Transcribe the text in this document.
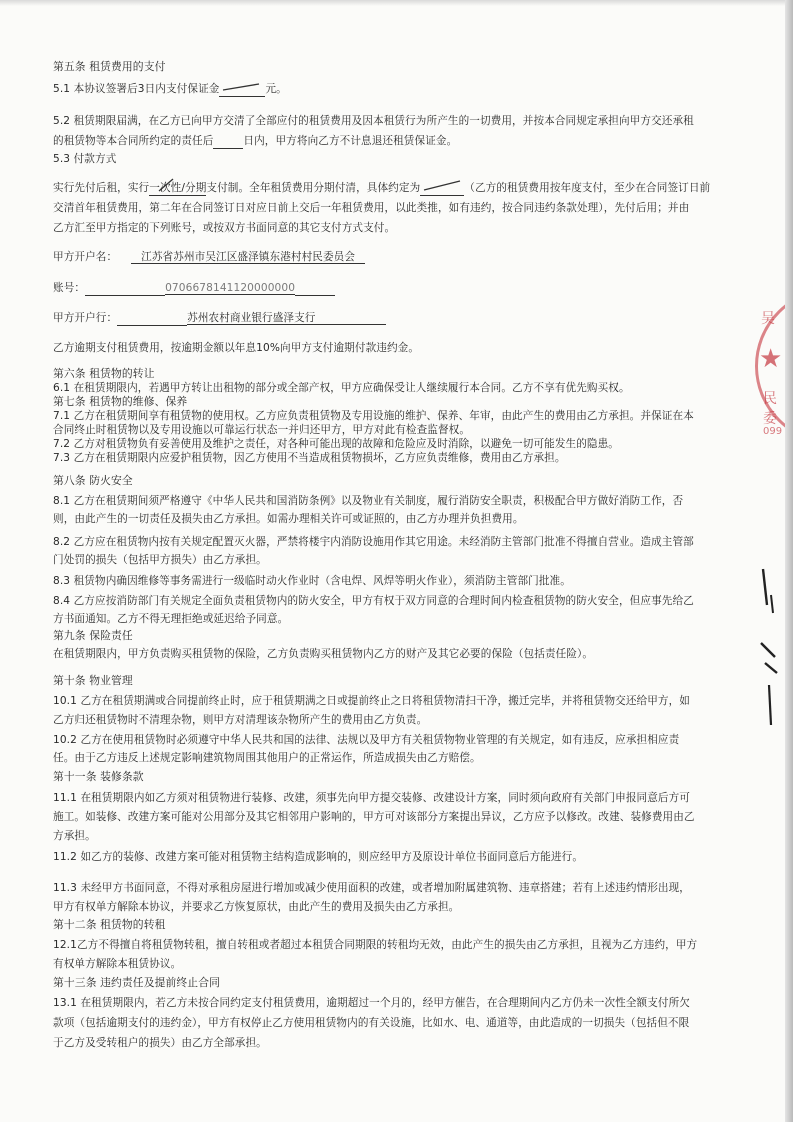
第五条 租赁费用的支付
5.1 本协议签署后3日内支付保证金	元。
5.2 租赁期限届满，在乙方已向甲方交清了全部应付的租赁费用及因本租赁行为所产生的一切费用，并按本合同规定承担向甲方交还承租
的租赁物等本合同所约定的责任后	日内，甲方将向乙方不计息退还租赁保证金。
5.3 付款方式
实行先付后租，实行一次性/分期
支付制。全年租赁费用分期付清，具体约定为	（乙方的租赁费用按年度支付，至少在合同签订日前
交清首年租赁费用，第二年在合同签订日对应日前上交后一年租赁费用，以此类推，如有违约，按合同违约条款处理），先付后用；并由
乙方汇至甲方指定的下列账号，或按双方书面同意的其它支付方式支付。
甲方开户名： 江苏省苏州市吴江区盛泽镇东港村村民委员会
账号：	0706678141120000000
甲方开户行：	苏州农村商业银行盛泽支行
乙方逾期支付租赁费用，按逾期金额以年息10%向甲方支付逾期付款违约金。
第六条 租赁物的转让
6.1 在租赁期限内，若遇甲方转让出租物的部分或全部产权，甲方应确保受让人继续履行本合同。乙方不享有优先购买权。
第七条 租赁物的维修、保养
7.1 乙方在租赁期间享有租赁物的使用权。乙方应负责租赁物及专用设施的维护、保养、年审，由此产生的费用由乙方承担。并保证在本
合同终止时租赁物以及专用设施以可靠运行状态一并归还甲方，甲方对此有检查监督权。
7.2 乙方对租赁物负有妥善使用及维护之责任，对各种可能出现的故障和危险应及时消除，以避免一切可能发生的隐患。
7.3 乙方在租赁期限内应爱护租赁物，因乙方使用不当造成租赁物损坏，乙方应负责维修，费用由乙方承担。
第八条 防火安全
8.1 乙方在租赁期间须严格遵守《中华人民共和国消防条例》以及物业有关制度，履行消防安全职责，积极配合甲方做好消防工作，否
则，由此产生的一切责任及损失由乙方承担。如需办理相关许可或证照的，由乙方办理并负担费用。
8.2 乙方应在租赁物内按有关规定配置灭火器，严禁将楼宇内消防设施用作其它用途。未经消防主管部门批准不得擅自营业。造成主管部
门处罚的损失（包括甲方损失）由乙方承担。
8.3 租赁物内确因维修等事务需进行一级临时动火作业时（含电焊、风焊等明火作业），须消防主管部门批准。
8.4 乙方应按消防部门有关规定全面负责租赁物内的防火安全，甲方有权于双方同意的合理时间内检查租赁物的防火安全，但应事先给乙
方书面通知。乙方不得无理拒绝或延迟给予同意。
第九条 保险责任
在租赁期限内，甲方负责购买租赁物的保险，乙方负责购买租赁物内乙方的财产及其它必要的保险（包括责任险）。
第十条 物业管理
10.1 乙方在租赁期满或合同提前终止时，应于租赁期满之日或提前终止之日将租赁物清扫干净，搬迁完毕，并将租赁物交还给甲方，如
乙方归还租赁物时不清理杂物，则甲方对清理该杂物所产生的费用由乙方负责。
10.2 乙方在使用租赁物时必须遵守中华人民共和国的法律、法规以及甲方有关租赁物物业管理的有关规定，如有违反，应承担相应责
任。由于乙方违反上述规定影响建筑物周围其他用户的正常运作，所造成损失由乙方赔偿。
第十一条 装修条款
11.1 在租赁期限内如乙方须对租赁物进行装修、改建，须事先向甲方提交装修、改建设计方案，同时须向政府有关部门申报同意后方可
施工。如装修、改建方案可能对公用部分及其它相邻用户影响的，甲方可对该部分方案提出异议，乙方应予以修改。改建、装修费用由乙
方承担。
11.2 如乙方的装修、改建方案可能对租赁物主结构造成影响的，则应经甲方及原设计单位书面同意后方能进行。
11.3 未经甲方书面同意，不得对承租房屋进行增加或减少使用面积的改建，或者增加附属建筑物、违章搭建；若有上述违约情形出现，
甲方有权单方解除本协议，并要求乙方恢复原状，由此产生的费用及损失由乙方承担。
第十二条 租赁物的转租
12.1乙方不得擅自将租赁物转租，擅自转租或者超过本租赁合同期限的转租均无效，由此产生的损失由乙方承担，且视为乙方违约，甲方
有权单方解除本租赁协议。
第十三条 违约责任及提前终止合同
13.1 在租赁期限内，若乙方未按合同约定支付租赁费用，逾期超过一个月的，经甲方催告，在合理期间内乙方仍未一次性全额支付所欠
款项（包括逾期支付的违约金），甲方有权停止乙方使用租赁物内的有关设施，比如水、电、通道等，由此造成的一切损失（包括但不限
于乙方及受转租户的损失）由乙方全部承担。
吴
★
民委
099
